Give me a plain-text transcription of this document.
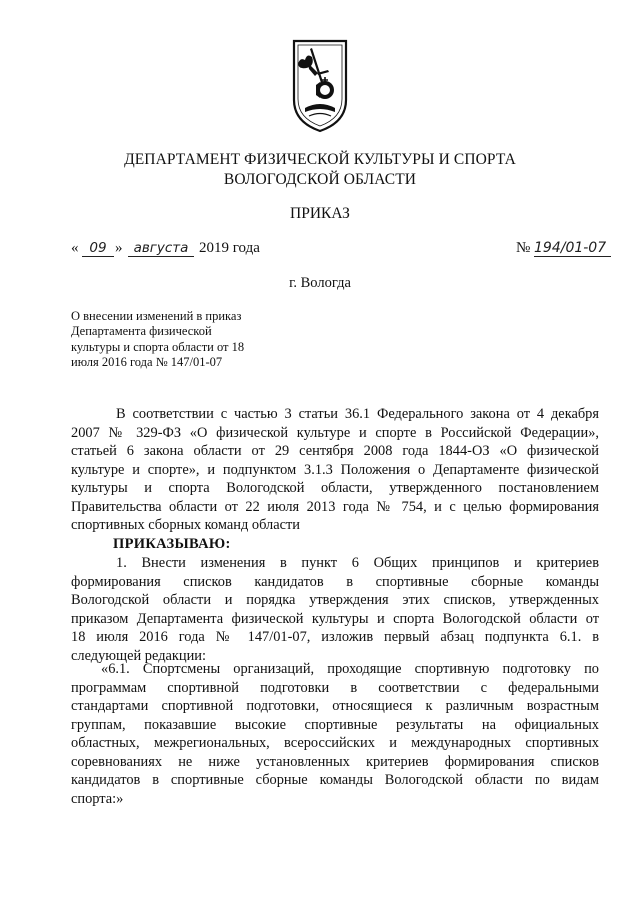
ДЕПАРТАМЕНТ ФИЗИЧЕСКОЙ КУЛЬТУРЫ И СПОРТА
ВОЛОГОДСКОЙ ОБЛАСТИ
ПРИКАЗ
« 09 » августа 2019 года	№ 194/01-07
г. Вологда
О внесении изменений в приказ
Департамента физической
культуры и спорта области от 18
июля 2016 года № 147/01-07
В соответствии с частью 3 статьи 36.1 Федерального закона от 4 декабря
2007 № 329-ФЗ «О физической культуре и спорте в Российской Федерации»,
статьей 6 закона области от 29 сентября 2008 года 1844-ОЗ «О физической
культуре и спорте», и подпунктом 3.1.3 Положения о Департаменте физической
культуры и спорта Вологодской области, утвержденного постановлением
Правительства области от 22 июля 2013 года № 754, и с целью формирования
спортивных сборных команд области
ПРИКАЗЫВАЮ:
1. Внести изменения в пункт 6 Общих принципов и критериев
формирования списков кандидатов в спортивные сборные команды
Вологодской области и порядка утверждения этих списков, утвержденных
приказом Департамента физической культуры и спорта Вологодской области от
18 июля 2016 года № 147/01-07, изложив первый абзац подпункта 6.1. в
следующей редакции:
«6.1. Спортсмены организаций, проходящие спортивную подготовку по
программам спортивной подготовки в соответствии с федеральными
стандартами спортивной подготовки, относящиеся к различным возрастным
группам, показавшие высокие спортивные результаты на официальных
областных, межрегиональных, всероссийских и международных спортивных
соревнованиях не ниже установленных критериев формирования списков
кандидатов в спортивные сборные команды Вологодской области по видам
спорта:»
